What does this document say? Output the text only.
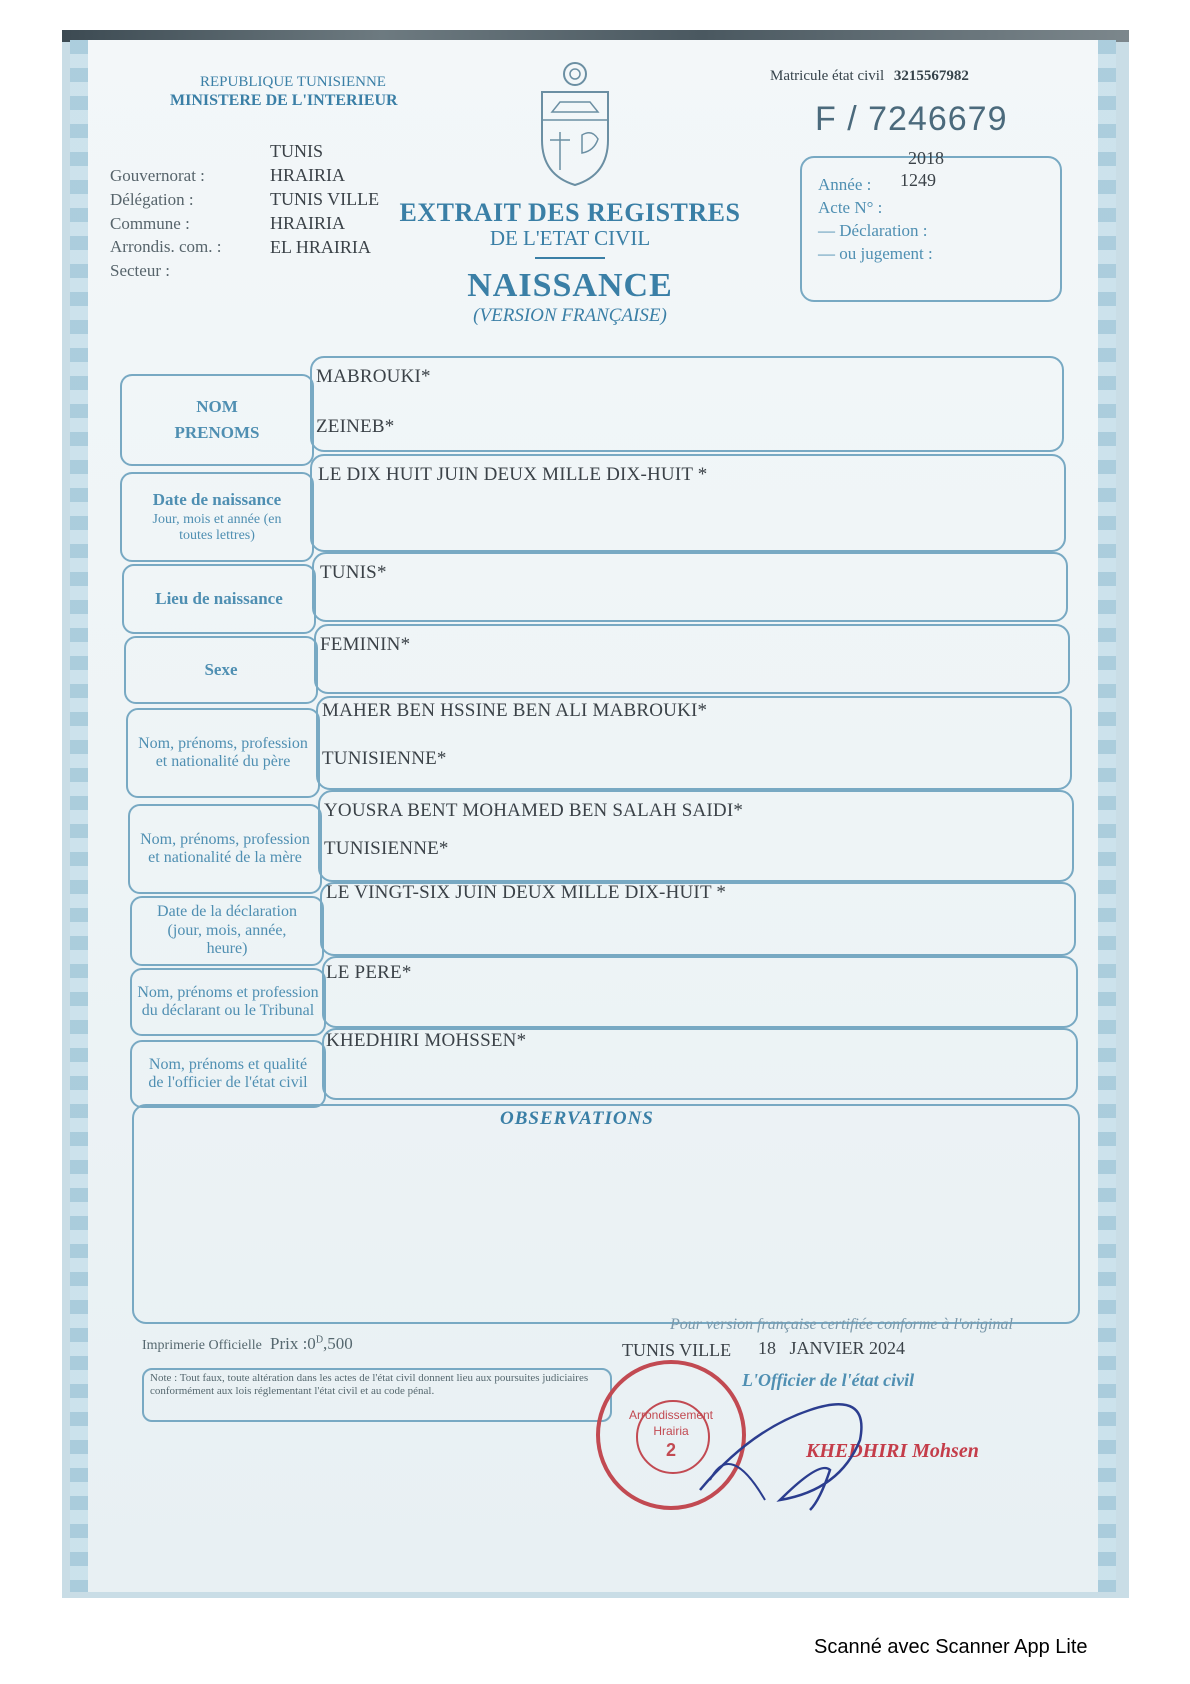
REPUBLIQUE TUNISIENNE
MINISTERE DE L'INTERIEUR
Gouvernorat :
Délégation :
Commune :
Arrondis. com. :
Secteur :
TUNIS
HRAIRIA
TUNIS VILLE
HRAIRIA
EL HRAIRIA
EXTRAIT DES REGISTRES
DE L'ETAT CIVIL
NAISSANCE
(VERSION FRANÇAISE)
Matricule état civil 3215567982
F / 7246679
2018
Année :
Acte N° :
— Déclaration :
— ou jugement :
1249
NOM
PRENOMS
MABROUKI*
ZEINEB*
Date de naissance
Jour, mois et année (en toutes lettres)
LE DIX HUIT JUIN DEUX MILLE DIX-HUIT *
Lieu de naissance
TUNIS*
Sexe
FEMININ*
Nom, prénoms, profession et nationalité du père
MAHER BEN HSSINE BEN ALI MABROUKI*
TUNISIENNE*
Nom, prénoms, profession et nationalité de la mère
YOUSRA BENT MOHAMED BEN SALAH SAIDI*
TUNISIENNE*
Date de la déclaration (jour, mois, année, heure)
LE VINGT-SIX JUIN DEUX MILLE DIX-HUIT *
Nom, prénoms et profession du déclarant ou le Tribunal
LE PERE*
Nom, prénoms et qualité de l'officier de l'état civil
KHEDHIRI MOHSSEN*
OBSERVATIONS
Imprimerie Officielle Prix $:0^D,500$
Pour version française certifiée conforme à l'original
TUNIS VILLE 18   JANVIER 2024
L'Officier de l'état civil
KHEDHIRI Mohsen
Note : Tout faux, toute altération dans les actes de l'état civil donnent lieu aux poursuites judiciaires conformément aux lois réglementant l'état civil et au code pénal.
Arrondissement
Hrairia
2
Scanné avec Scanner App Lite
